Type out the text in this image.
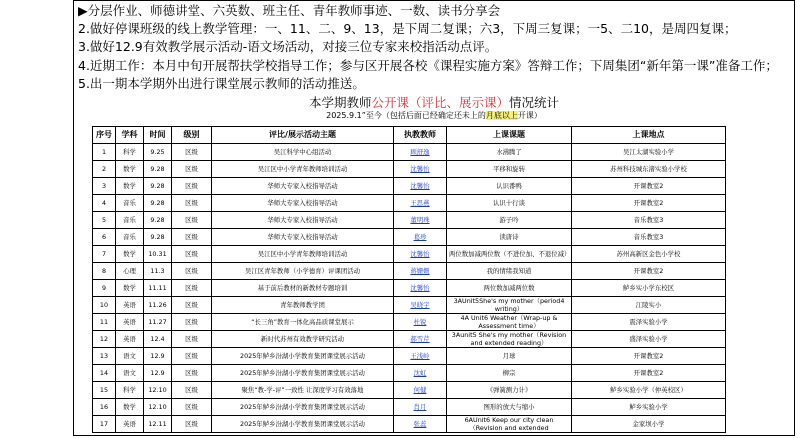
▶分层作业、师德讲堂、六英数、班主任、青年教师事迹、一数、读书分享会
2.做好停课班级的线上教学管理：一、11、二、9、13，是下周二复课；六3，下周三复课；一5、二10，是周四复课；
3.做好12.9有效教学展示活动-语文场活动，对接三位专家来校指活动点评。
4.近期工作：本月中旬开展帮扶学校指导工作；参与区开展各校《课程实施方案》答辩工作；下周集团“新年第一课”准备工作；
5.出一期本学期外出进行课堂展示教师的活动推送。
本学期教师公开课（评比、展示课）情况统计
2025.9.1”至今（包括后面已经确定还未上的月底以上开课）
序号	学科	时间	级别	评比/展示活动主题	执教教师	上课课题	上课地点
1	科学	9.25	区级	吴江科学中心组活动	顾舒逸	水沸腾了	吴江太湖实验小学
2	数学	9.28	区级	吴江区中小学青年教师培训活动	沈馨怡	平移和旋转	苏州科技城东渚实验小学校
3	数学	9.28	区级	华师大专家入校指导活动	沈馨怡	认识番鸭	开课教室2
4	音乐	9.28	区级	华师大专家入校指导活动	王思燕	认识十行谈	开课教室2
5	音乐	9.28	区级	华师大专家入校指导活动	董明珠	游子吟	音乐教室3
6	音乐	9.28	区级	华师大专家入校指导活动	葛珍	读唐诗	音乐教室3
7	数学	10.31	区级	吴江区中小学青年教师培训活动	沈馨怡	两位数加减两位数（不进位加、不退位减）	苏州高新区金色小学校
8	心理	11.3	区级	吴江区青年教师（小学德育）评课团活动	蒋姗姗	我的情绪我知道	开课教室2
9	数学	11.11	区级	基于前后教材的新教材专题培训	沈馨怡	两位数加减两位数	鲈乡实小学东校区
10	英语	11.26	区级	青年教师教学团	吴晓宇	3AUnit5She's my mother（period4 writing）	江陵实小
11	英语	11.27	区级	“长三角”教育一体化高品质课堂展示	杜锐	4A Unit6 Weather（Wrap-up & Assessment time）	震泽实验小学
12	英语	12.4	区级	新时代苏州有效教学研究活动	郝雪芹	3Aunit5 She's my mother（Revision and extended reading）	盛泽实验小学
13	语文	12.9	区级	2025年鲈乡汾湖小学教育集团课堂展示活动	王浅岭	月球	开课教室2
14	语文	12.9	区级	2025年鲈乡汾湖小学教育集团课堂展示活动	沈虹	柳宗	开课教室2
15	科学	12.10	区级	聚焦“教-学-评”一致性 让深度学习有效落地	何健	《弹簧测力计》	鲈乡实验小学（仲英校区）
16	数学	12.10	区级	2025年鲈乡汾湖小学教育集团课堂展示活动	肖月	图形的放大与缩小	鲈乡实验小学
17	英语	12.11	区级	2025年鲈乡汾湖小学教育集团课堂展示活动	张蕊	6AUnit6 Keep our city clean（Revision and extended	金家坝小学
